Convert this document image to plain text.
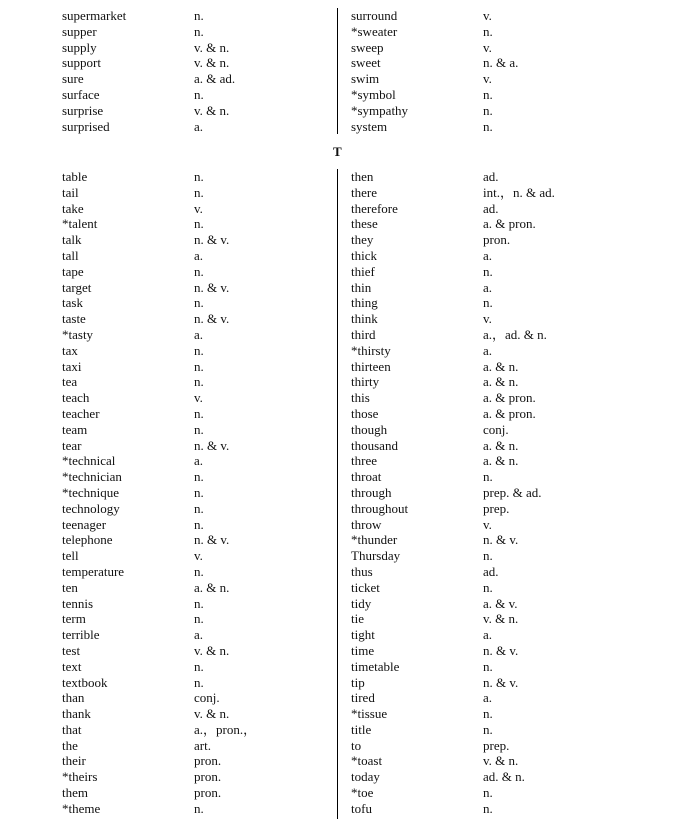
supermarket	n.
supper	n.
supply	v. & n.
support	v. & n.
sure	a. & ad.
surface	n.
surprise	v. & n.
surprised	a.
surround	v.
*sweater	n.
sweep	v.
sweet	n. & a.
swim	v.
*symbol	n.
*sympathy	n.
system	n.
T
table	n.
tail	n.
take	v.
*talent	n.
talk	n. & v.
tall	a.
tape	n.
target	n. & v.
task	n.
taste	n. & v.
*tasty	a.
tax	n.
taxi	n.
tea	n.
teach	v.
teacher	n.
team	n.
tear	n. & v.
*technical	a.
*technician	n.
*technique	n.
technology	n.
teenager	n.
telephone	n. & v.
tell	v.
temperature	n.
ten	a. & n.
tennis	n.
term	n.
terrible	a.
test	v. & n.
text	n.
textbook	n.
than	conj.
thank	v. & n.
that	a.，pron.，
the	art.
their	pron.
*theirs	pron.
them	pron.
*theme	n.
then	ad.
there	int.，n. & ad.
therefore	ad.
these	a. & pron.
they	pron.
thick	a.
thief	n.
thin	a.
thing	n.
think	v.
third	a.，ad. & n.
*thirsty	a.
thirteen	a. & n.
thirty	a. & n.
this	a. & pron.
those	a. & pron.
though	conj.
thousand	a. & n.
three	a. & n.
throat	n.
through	prep. & ad.
throughout	prep.
throw	v.
*thunder	n. & v.
Thursday	n.
thus	ad.
ticket	n.
tidy	a. & v.
tie	v. & n.
tight	a.
time	n. & v.
timetable	n.
tip	n. & v.
tired	a.
*tissue	n.
title	n.
to	prep.
*toast	v. & n.
today	ad. & n.
*toe	n.
tofu	n.
